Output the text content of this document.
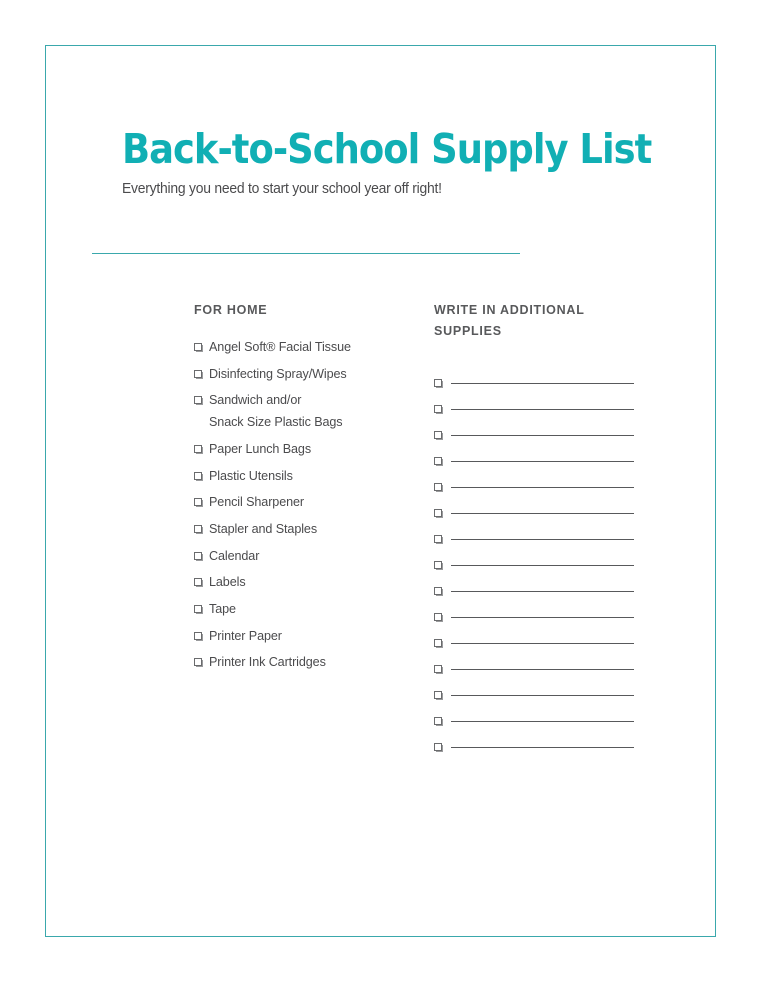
Back-to-School Supply List

Everything you need to start your school year off right!

FOR HOME
Angel Soft® Facial Tissue
Disinfecting Spray/Wipes
Sandwich and/or
Snack Size Plastic Bags
Paper Lunch Bags
Plastic Utensils
Pencil Sharpener
Stapler and Staples
Calendar
Labels
Tape
Printer Paper
Printer Ink Cartridges
WRITE IN ADDITIONAL SUPPLIES
